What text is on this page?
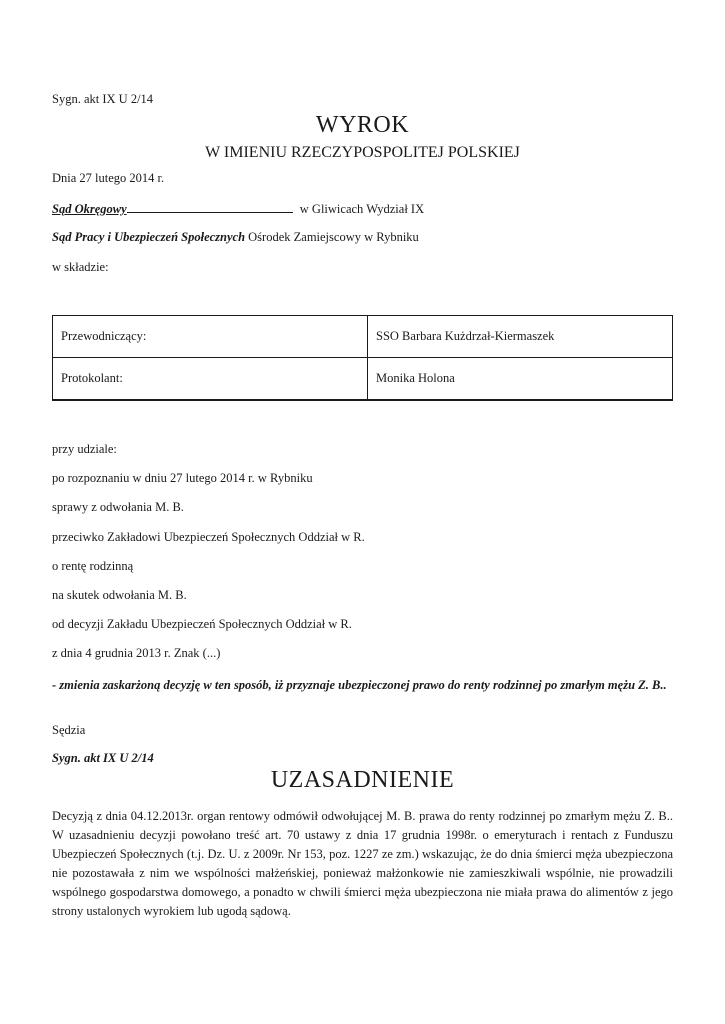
Sygn. akt IX U 2/14
WYROK
W IMIENIU RZECZYPOSPOLITEJ POLSKIEJ
Dnia 27 lutego 2014 r.
Sąd Okręgowy	w Gliwicach Wydział IX
Sąd Pracy i Ubezpieczeń Społecznych Ośrodek Zamiejscowy w Rybniku
w składzie:
Przewodniczący:	SSO Barbara Kużdrzał-Kiermaszek
Protokolant:	Monika Holona
przy udziale:
po rozpoznaniu w dniu 27 lutego 2014 r. w Rybniku
sprawy z odwołania M. B.
przeciwko Zakładowi Ubezpieczeń Społecznych Oddział w R.
o rentę rodzinną
na skutek odwołania M. B.
od decyzji Zakładu Ubezpieczeń Społecznych Oddział w R.
z dnia 4 grudnia 2013 r. Znak (...)
- zmienia zaskarżoną decyzję w ten sposób, iż przyznaje ubezpieczonej prawo do renty rodzinnej po zmarłym mężu Z. B..
Sędzia
Sygn. akt IX U 2/14
UZASADNIENIE
Decyzją z dnia 04.12.2013r. organ rentowy odmówił odwołującej M. B. prawa do renty rodzinnej po zmarłym mężu Z. B.. W uzasadnieniu decyzji powołano treść art. 70 ustawy z dnia 17 grudnia 1998r. o emeryturach i rentach z Funduszu Ubezpieczeń Społecznych (t.j. Dz. U. z 2009r. Nr 153, poz. 1227 ze zm.) wskazując, że do dnia śmierci męża ubezpieczona nie pozostawała z nim we wspólności małżeńskiej, ponieważ małżonkowie nie zamieszkiwali wspólnie, nie prowadzili wspólnego gospodarstwa domowego, a ponadto w chwili śmierci męża ubezpieczona nie miała prawa do alimentów z jego strony ustalonych wyrokiem lub ugodą sądową.
